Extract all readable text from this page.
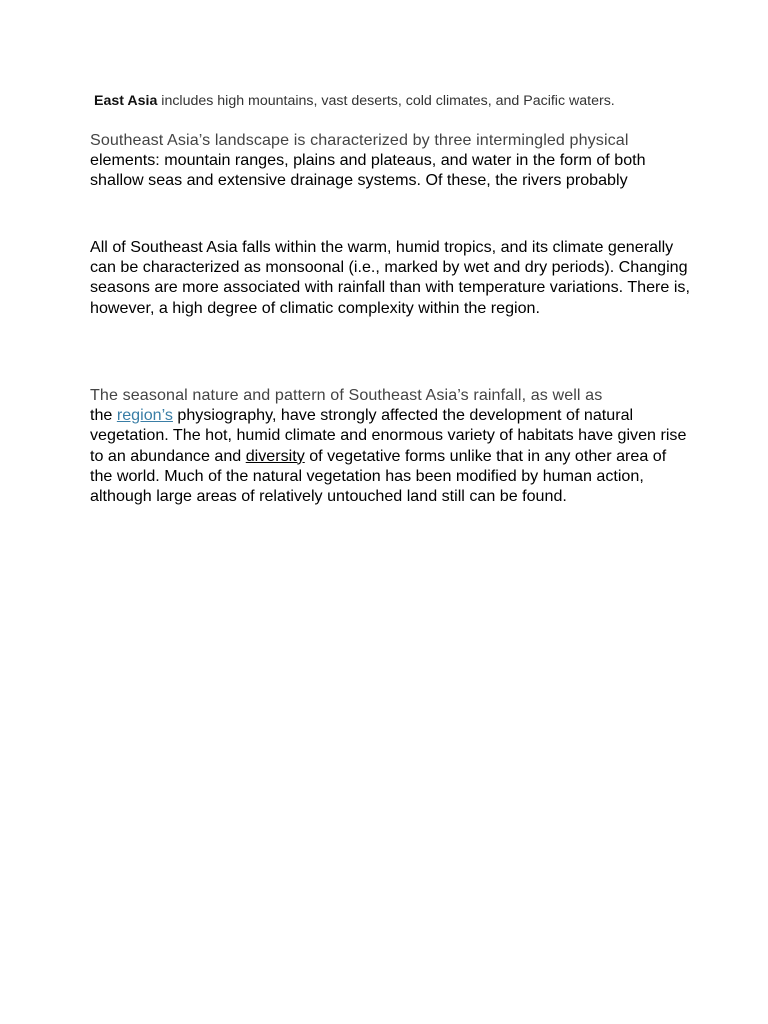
East Asia includes high mountains, vast deserts, cold climates, and Pacific waters.

Southeast Asia’s landscape is characterized by three intermingled physical
elements: mountain ranges, plains and plateaus, and water in the form of both shallow seas and extensive drainage systems. Of these, the rivers probably

All of Southeast Asia falls within the warm, humid tropics, and its climate generally can be characterized as monsoonal (i.e., marked by wet and dry periods). Changing seasons are more associated with rainfall than with temperature variations. There is, however, a high degree of climatic complexity within the region.

The seasonal nature and pattern of Southeast Asia’s rainfall, as well as
the region’s physiography, have strongly affected the development of natural vegetation. The hot, humid climate and enormous variety of habitats have given rise to an abundance and diversity of vegetative forms unlike that in any other area of the world. Much of the natural vegetation has been modified by human action, although large areas of relatively untouched land still can be found.
